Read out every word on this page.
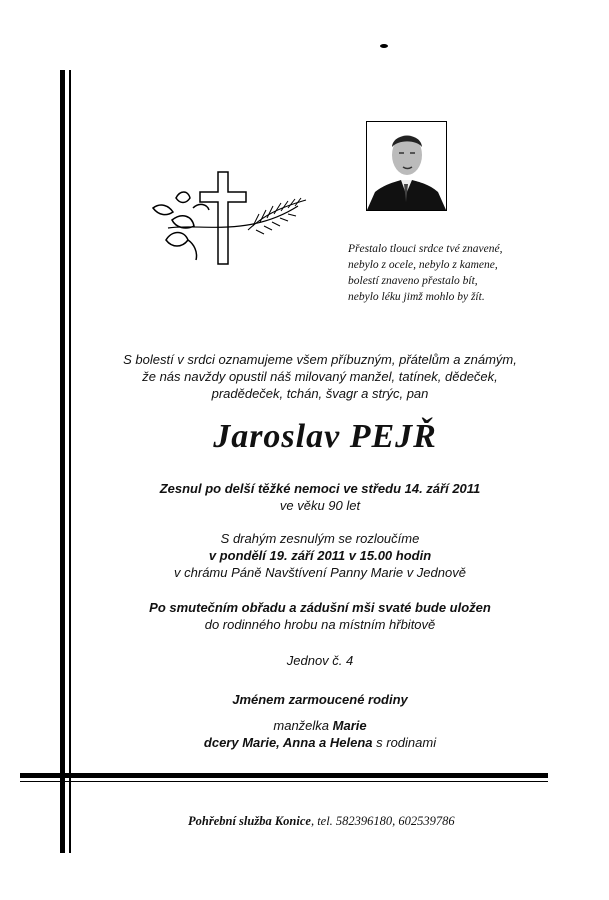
Přestalo tlouci srdce tvé znavené,
nebylo z ocele, nebylo z kamene,
bolestí znaveno přestalo bít,
nebylo léku jimž mohlo by žít.
S bolestí v srdci oznamujeme všem příbuzným, přátelům a známým,
že nás navždy opustil náš milovaný manžel, tatínek, dědeček,
pradědeček, tchán, švagr a strýc, pan
Jaroslav PEJŘ
Zesnul po delší těžké nemoci ve středu 14. září 2011
ve věku 90 let
S drahým zesnulým se rozloučíme
v pondělí 19. září 2011 v 15.00 hodin
v chrámu Páně Navštívení Panny Marie v Jednově
Po smutečním obřadu a zádušní mši svaté bude uložen
do rodinného hrobu na místním hřbitově
Jednov č. 4
Jménem zarmoucené rodiny
manželka Marie
dcery Marie, Anna a Helena s rodinami
Pohřební služba Konice, tel. 582396180, 602539786
